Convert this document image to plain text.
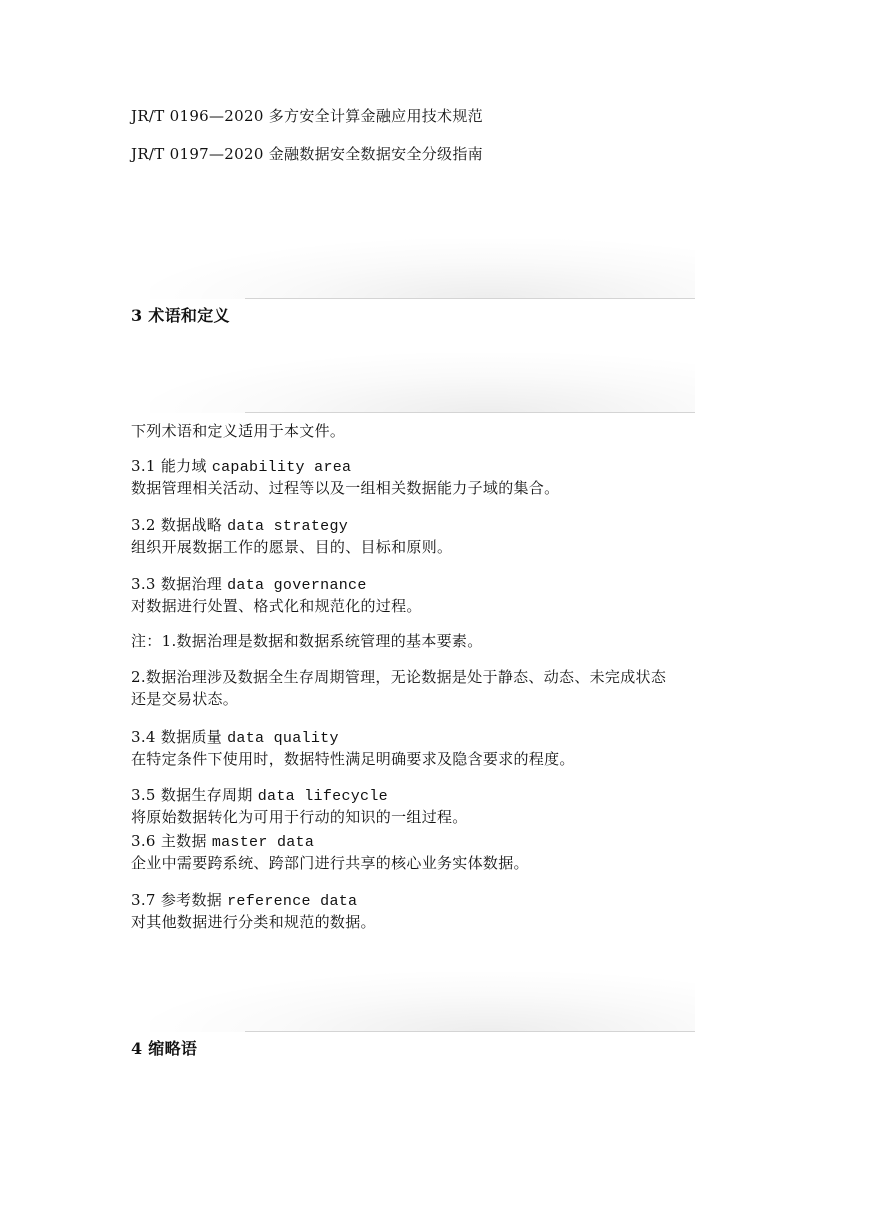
JR/T 0196—2020 多方安全计算金融应用技术规范
JR/T 0197—2020 金融数据安全数据安全分级指南
3 术语和定义
下列术语和定义适用于本文件。
3.1 能力域 capability area
数据管理相关活动、过程等以及一组相关数据能力子域的集合。
3.2 数据战略 data strategy
组织开展数据工作的愿景、目的、目标和原则。
3.3 数据治理 data governance
对数据进行处置、格式化和规范化的过程。
注：1.数据治理是数据和数据系统管理的基本要素。
2.数据治理涉及数据全生存周期管理，无论数据是处于静态、动态、未完成状态
还是交易状态。
3.4 数据质量 data quality
在特定条件下使用时，数据特性满足明确要求及隐含要求的程度。
3.5 数据生存周期 data lifecycle
将原始数据转化为可用于行动的知识的一组过程。
3.6 主数据 master data
企业中需要跨系统、跨部门进行共享的核心业务实体数据。
3.7 参考数据 reference data
对其他数据进行分类和规范的数据。
4 缩略语
